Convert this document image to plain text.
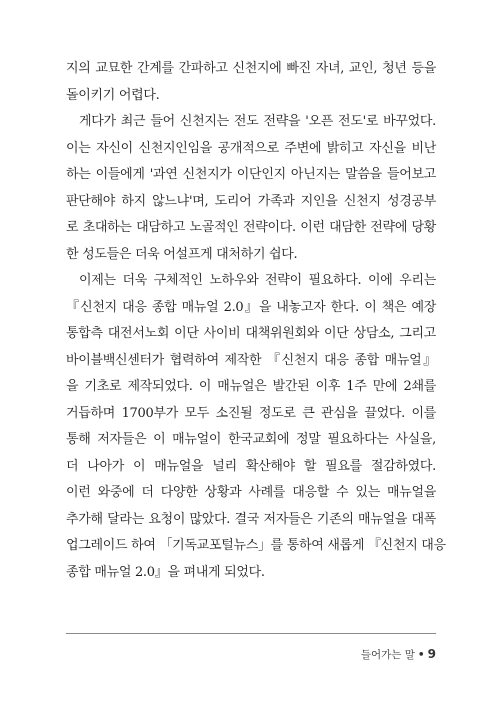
지의 교묘한 간계를 간파하고 신천지에 빠진 자녀, 교인, 청년 등을
돌이키기 어렵다.
게다가 최근 들어 신천지는 전도 전략을 '오픈 전도'로 바꾸었다.
이는 자신이 신천지인임을 공개적으로 주변에 밝히고 자신을 비난
하는 이들에게 '과연 신천지가 이단인지 아닌지는 말씀을 들어보고
판단해야 하지 않느냐'며, 도리어 가족과 지인을 신천지 성경공부
로 초대하는 대담하고 노골적인 전략이다. 이런 대담한 전략에 당황
한 성도들은 더욱 어설프게 대처하기 쉽다.
이제는 더욱 구체적인 노하우와 전략이 필요하다. 이에 우리는
『신천지 대응 종합 매뉴얼 2.0』을 내놓고자 한다. 이 책은 예장
통합측 대전서노회 이단 사이비 대책위원회와 이단 상담소, 그리고
바이블백신센터가 협력하여 제작한 『신천지 대응 종합 매뉴얼』
을 기초로 제작되었다. 이 매뉴얼은 발간된 이후 1주 만에 2쇄를
거듭하며 1700부가 모두 소진될 정도로 큰 관심을 끌었다. 이를
통해 저자들은 이 매뉴얼이 한국교회에 정말 필요하다는 사실을,
더 나아가 이 매뉴얼을 널리 확산해야 할 필요를 절감하였다.
이런 와중에 더 다양한 상황과 사례를 대응할 수 있는 매뉴얼을
추가해 달라는 요청이 많았다. 결국 저자들은 기존의 매뉴얼을 대폭
업그레이드 하여 「기독교포털뉴스」를 통하여 새롭게 『신천지 대응
종합 매뉴얼 2.0』을 펴내게 되었다.
들어가는 말 • 9
